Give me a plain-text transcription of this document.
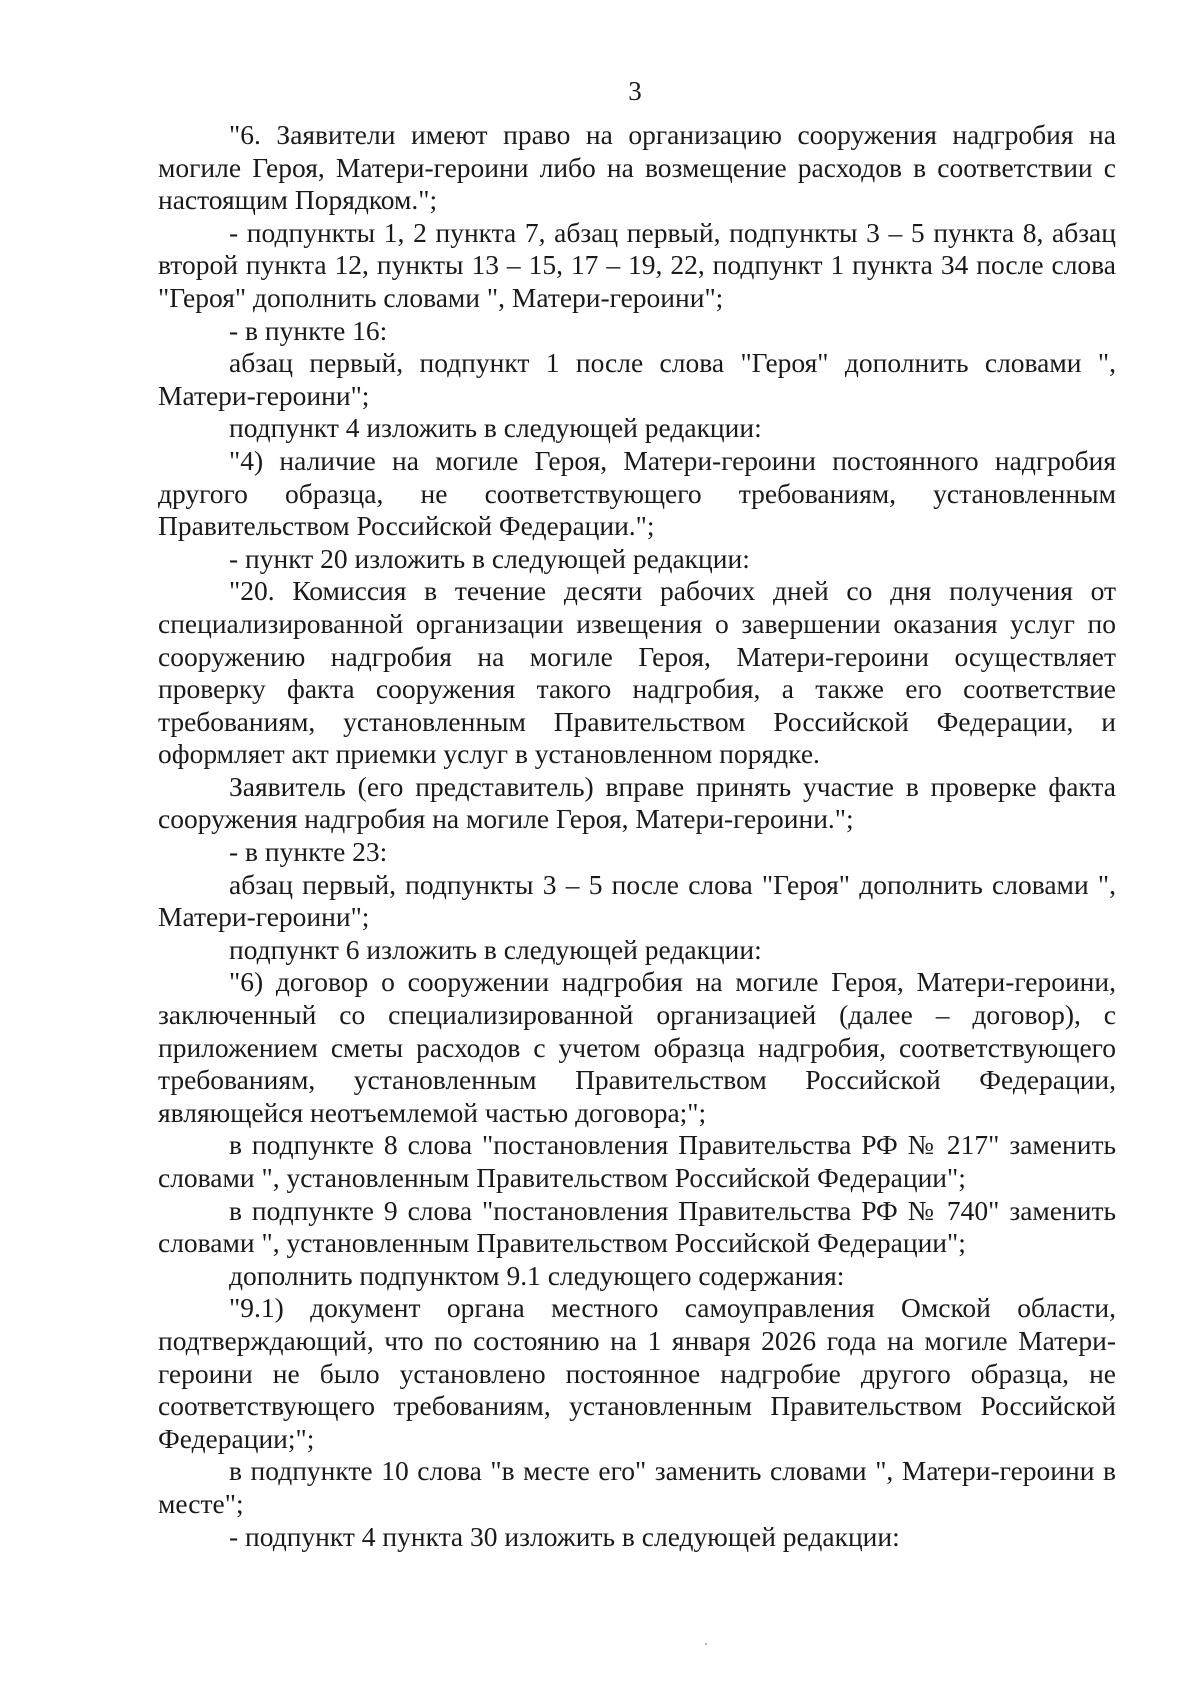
3

"6. Заявители имеют право на организацию сооружения надгробия на могиле Героя, Матери-героини либо на возмещение расходов в соответствии с настоящим Порядком.";

- подпункты 1, 2 пункта 7, абзац первый, подпункты 3 – 5 пункта 8, абзац второй пункта 12, пункты 13 – 15, 17 – 19, 22, подпункт 1 пункта 34 после слова "Героя" дополнить словами ", Матери-героини";

- в пункте 16:

абзац первый, подпункт 1 после слова "Героя" дополнить словами ", Матери-героини";

подпункт 4 изложить в следующей редакции:

"4) наличие на могиле Героя, Матери-героини постоянного надгробия другого образца, не соответствующего требованиям, установленным Правительством Российской Федерации.";

- пункт 20 изложить в следующей редакции:

"20. Комиссия в течение десяти рабочих дней со дня получения от специализированной организации извещения о завершении оказания услуг по сооружению надгробия на могиле Героя, Матери-героини осуществляет проверку факта сооружения такого надгробия, а также его соответствие требованиям, установленным Правительством Российской Федерации, и оформляет акт приемки услуг в установленном порядке.

Заявитель (его представитель) вправе принять участие в проверке факта сооружения надгробия на могиле Героя, Матери-героини.";

- в пункте 23:

абзац первый, подпункты 3 – 5 после слова "Героя" дополнить словами ", Матери-героини";

подпункт 6 изложить в следующей редакции:

"6) договор о сооружении надгробия на могиле Героя, Матери-героини, заключенный со специализированной организацией (далее – договор), с приложением сметы расходов с учетом образца надгробия, соответствующего требованиям, установленным Правительством Российской Федерации, являющейся неотъемлемой частью договора;";

в подпункте 8 слова "постановления Правительства РФ № 217" заменить словами ", установленным Правительством Российской Федерации";

в подпункте 9 слова "постановления Правительства РФ № 740" заменить словами ", установленным Правительством Российской Федерации";

дополнить подпунктом 9.1 следующего содержания:

"9.1) документ органа местного самоуправления Омской области, подтверждающий, что по состоянию на 1 января 2026 года на могиле Матери-героини не было установлено постоянное надгробие другого образца, не соответствующего требованиям, установленным Правительством Российской Федерации;";

в подпункте 10 слова "в месте его" заменить словами ", Матери-героини в месте";

- подпункт 4 пункта 30 изложить в следующей редакции:
